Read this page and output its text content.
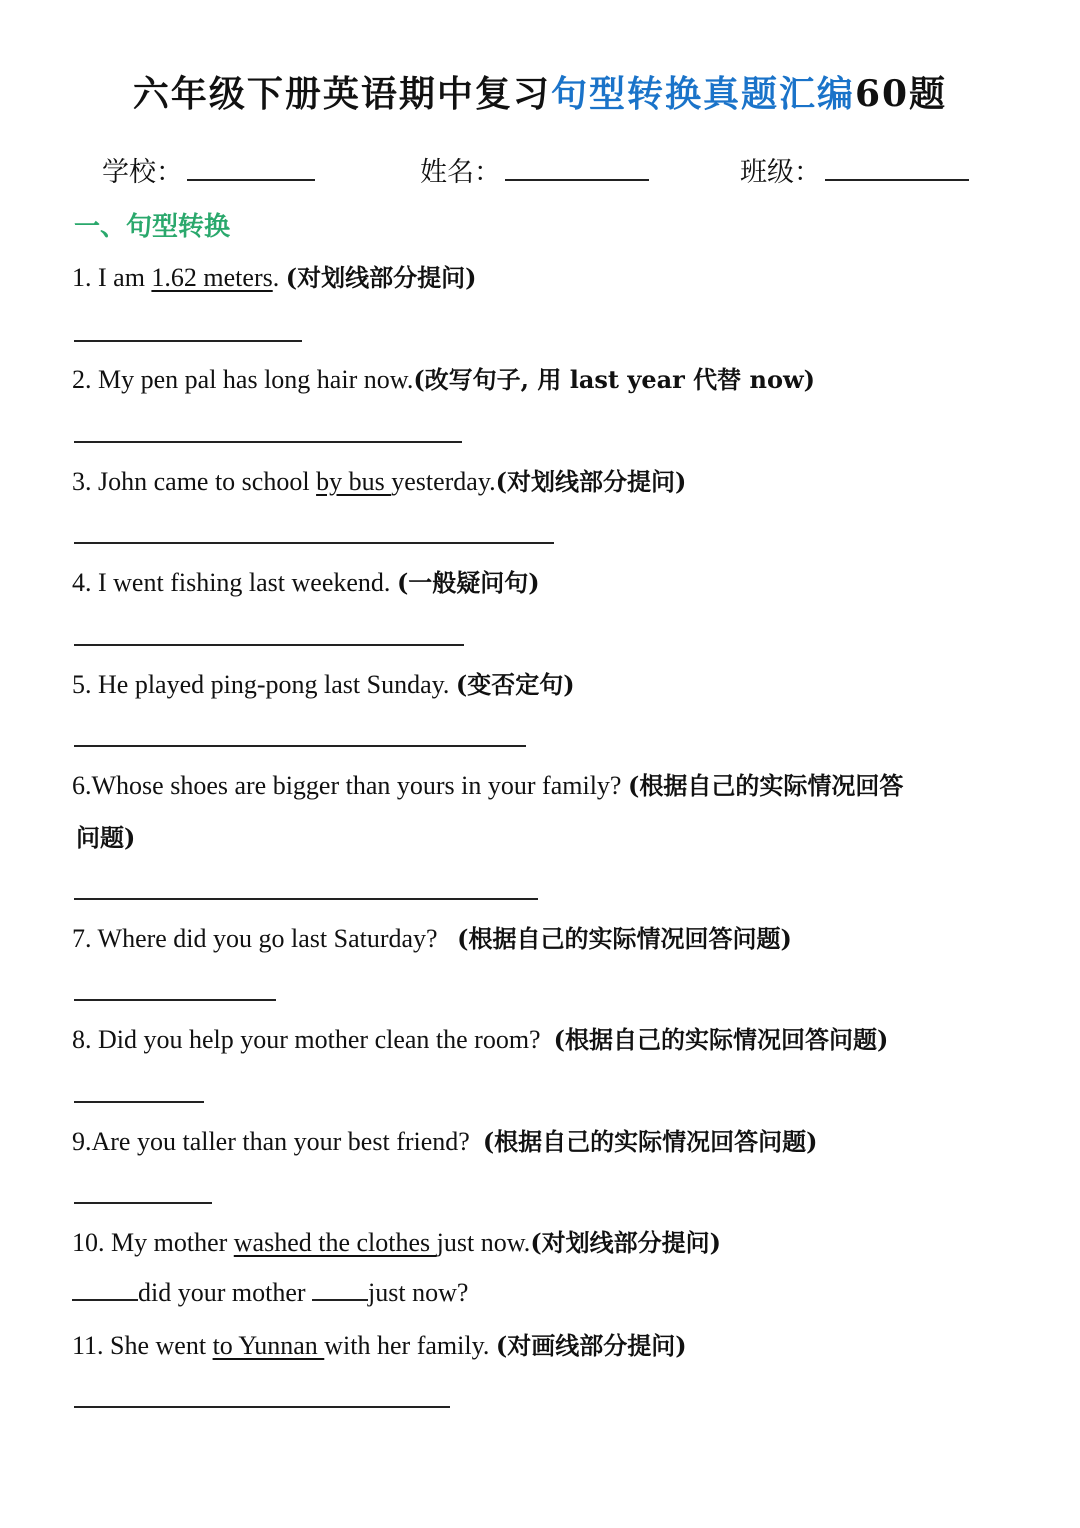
六年级下册英语期中复习句型转换真题汇编60题
学校：	姓名：	班级：
一、句型转换
1. I am 1.62 meters. (对划线部分提问)
2. My pen pal has long hair now.(改写句子, 用 last year 代替 now)
3. John came to school by bus yesterday.(对划线部分提问)
4. I went fishing last weekend. (一般疑问句)
5. He played ping-pong last Sunday. (变否定句)
6.Whose shoes are bigger than yours in your family? (根据自己的实际情况回答
问题)
7. Where did you go last Saturday?   (根据自己的实际情况回答问题)
8. Did you help your mother clean the room?  (根据自己的实际情况回答问题)
9.Are you taller than your best friend?  (根据自己的实际情况回答问题)
10. My mother washed the clothes just now.(对划线部分提问)
did your mother just now?
11. She went to Yunnan with her family. (对画线部分提问)
